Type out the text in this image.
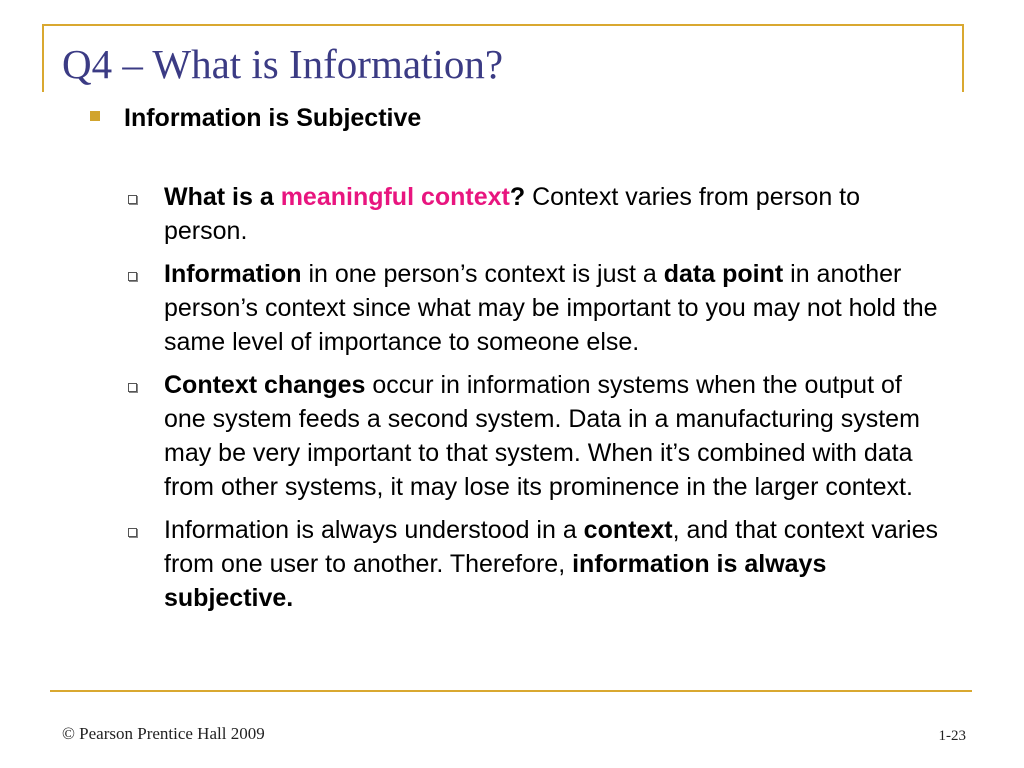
Q4 – What is Information?
Information is Subjective
What is a meaningful context? Context varies from person to person.
Information in one person’s context is just a data point in another person’s context since what may be important to you may not hold the same level of importance to someone else.
Context changes occur in information systems when the output of one system feeds a second system. Data in a manufacturing system may be very important to that system. When it’s combined with data from other systems, it may lose its prominence in the larger context.
Information is always understood in a context, and that context varies from one user to another. Therefore, information is always subjective.
© Pearson Prentice Hall 2009	1-23
